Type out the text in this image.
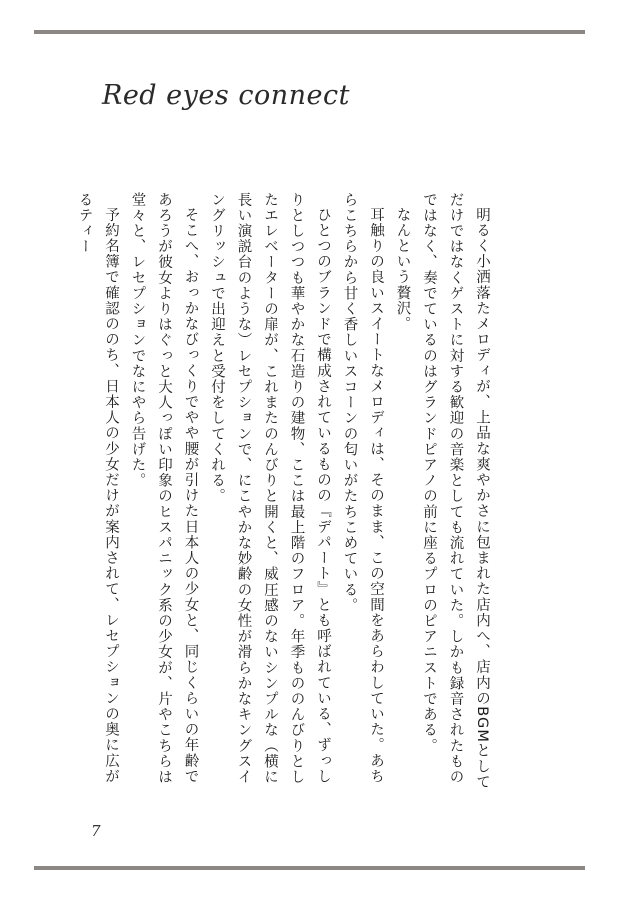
Red eyes connect

明るく小洒落たメロディが、上品な爽やかさに包まれた店内へ、店内のBGMとしてだけではなくゲストに対する歓迎の音楽としても流れていた。しかも録音されたものではなく、奏でているのはグランドピアノの前に座るプロのピアニストである。

なんという贅沢。

耳触りの良いスイートなメロディは、そのまま、この空間をあらわしていた。あちらこちらから甘く香しいスコーンの匂いがたちこめている。

ひとつのブランドで構成されているものの『デパート』とも呼ばれている、ずっしりとしつつも華やかな石造りの建物、ここは最上階のフロア。年季もののんびりとしたエレベーターの扉が、これまたのんびりと開くと、威圧感のないシンプルな（横に長い演説台のような）レセプションで、にこやかな妙齢の女性が滑らかなキングスイングリッシュで出迎えと受付をしてくれる。

そこへ、おっかなびっくりでやや腰が引けた日本人の少女と、同じくらいの年齢であろうが彼女よりはぐっと大人っぽい印象のヒスパニック系の少女が、片やこちらは堂々と、レセプションでなにやら告げた。

予約名簿で確認ののち、日本人の少女だけが案内されて、レセプションの奥に広がるティー

7
